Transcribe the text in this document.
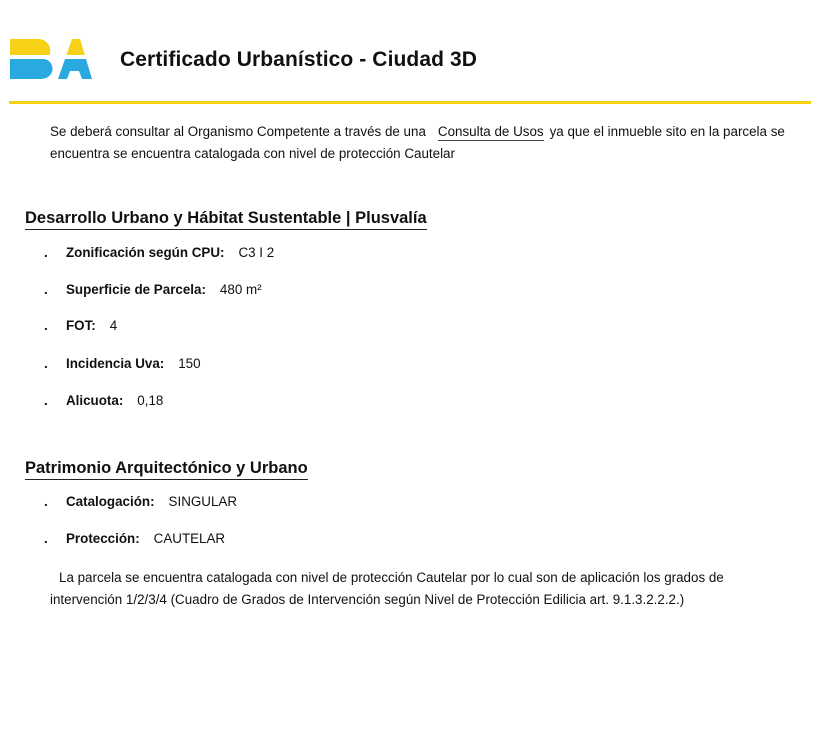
Certificado Urbanístico - Ciudad 3D
Se deberá consultar al Organismo Competente a través de una Consulta de Usos ya que el inmueble sito en la parcela se encuentra se encuentra catalogada con nivel de protección Cautelar
Desarrollo Urbano y Hábitat Sustentable | Plusvalía
.	Zonificación según CPU: C3 I 2
.	Superficie de Parcela: 480 m²
.	FOT: 4
.	Incidencia Uva: 150
.	Alicuota: 0,18
Patrimonio Arquitectónico y Urbano
.	Catalogación: SINGULAR
.	Protección: CAUTELAR
La parcela se encuentra catalogada con nivel de protección Cautelar por lo cual son de aplicación los grados de intervención 1/2/3/4 (Cuadro de Grados de Intervención según Nivel de Protección Edilicia art. 9.1.3.2.2.2.)
